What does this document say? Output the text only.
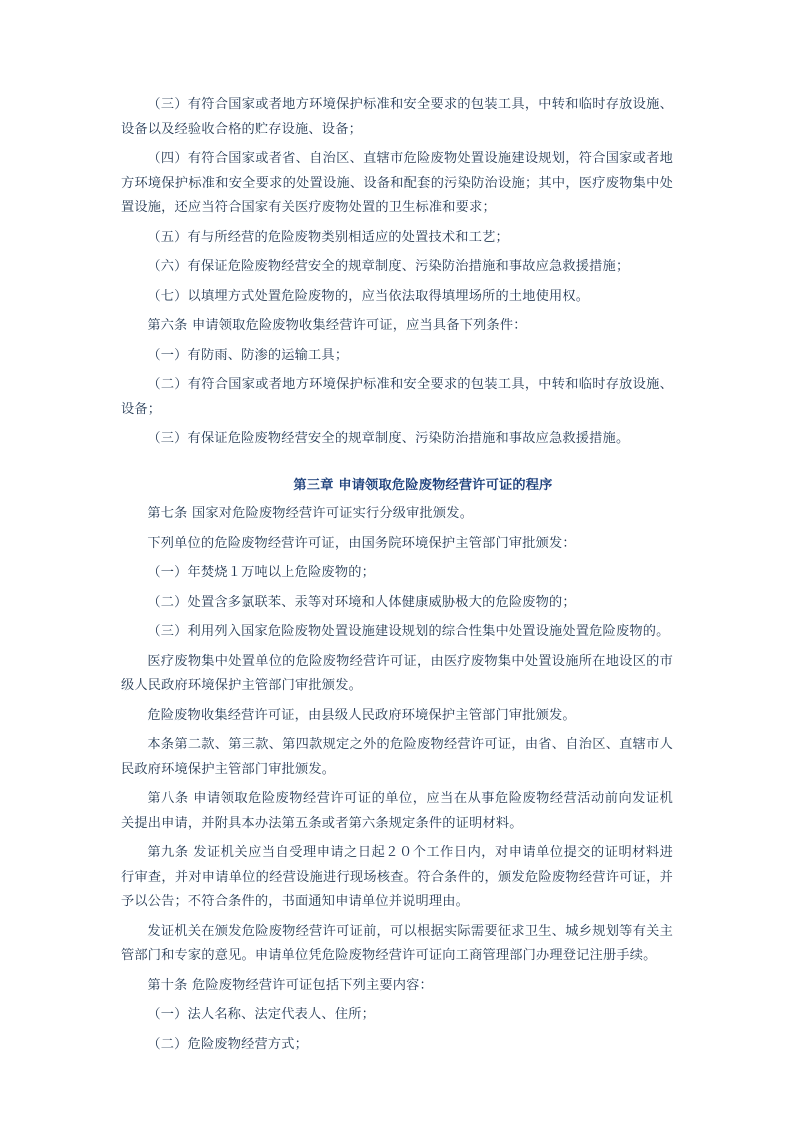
（三）有符合国家或者地方环境保护标准和安全要求的包装工具，中转和临时存放设施、设备以及经验收合格的贮存设施、设备；

（四）有符合国家或者省、自治区、直辖市危险废物处置设施建设规划，符合国家或者地方环境保护标准和安全要求的处置设施、设备和配套的污染防治设施；其中，医疗废物集中处置设施，还应当符合国家有关医疗废物处置的卫生标准和要求；

（五）有与所经营的危险废物类别相适应的处置技术和工艺；

（六）有保证危险废物经营安全的规章制度、污染防治措施和事故应急救援措施；

（七）以填埋方式处置危险废物的，应当依法取得填埋场所的土地使用权。

第六条 申请领取危险废物收集经营许可证，应当具备下列条件：

（一）有防雨、防渗的运输工具；

（二）有符合国家或者地方环境保护标准和安全要求的包装工具，中转和临时存放设施、设备；

（三）有保证危险废物经营安全的规章制度、污染防治措施和事故应急救援措施。

第三章 申请领取危险废物经营许可证的程序

第七条 国家对危险废物经营许可证实行分级审批颁发。

下列单位的危险废物经营许可证，由国务院环境保护主管部门审批颁发：

（一）年焚烧１万吨以上危险废物的；

（二）处置含多氯联苯、汞等对环境和人体健康威胁极大的危险废物的；

（三）利用列入国家危险废物处置设施建设规划的综合性集中处置设施处置危险废物的。

医疗废物集中处置单位的危险废物经营许可证，由医疗废物集中处置设施所在地设区的市级人民政府环境保护主管部门审批颁发。

危险废物收集经营许可证，由县级人民政府环境保护主管部门审批颁发。

本条第二款、第三款、第四款规定之外的危险废物经营许可证，由省、自治区、直辖市人民政府环境保护主管部门审批颁发。

第八条 申请领取危险废物经营许可证的单位，应当在从事危险废物经营活动前向发证机关提出申请，并附具本办法第五条或者第六条规定条件的证明材料。

第九条 发证机关应当自受理申请之日起２０个工作日内，对申请单位提交的证明材料进行审查，并对申请单位的经营设施进行现场核查。符合条件的，颁发危险废物经营许可证，并予以公告；不符合条件的，书面通知申请单位并说明理由。

发证机关在颁发危险废物经营许可证前，可以根据实际需要征求卫生、城乡规划等有关主管部门和专家的意见。申请单位凭危险废物经营许可证向工商管理部门办理登记注册手续。

第十条 危险废物经营许可证包括下列主要内容：

（一）法人名称、法定代表人、住所；

（二）危险废物经营方式；
